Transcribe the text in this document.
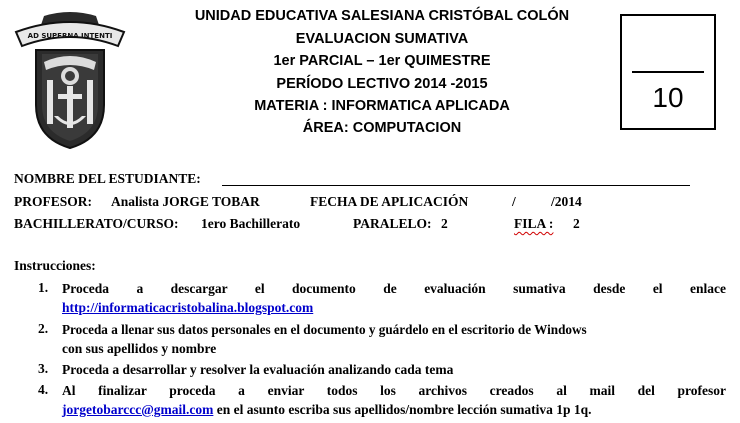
AD SUPERNA INTENTI
UNIDAD EDUCATIVA SALESIANA CRISTÓBAL COLÓN
EVALUACION SUMATIVA
1er PARCIAL – 1er QUIMESTRE
PERÍODO LECTIVO 2014 -2015
MATERIA : INFORMATICA APLICADA
ÁREA: COMPUTACION
10
NOMBRE DEL ESTUDIANTE:
PROFESOR: Analista JORGE TOBAR	FECHA DE APLICACIÓN	/	/2014
BACHILLERATO/CURSO: 1ero Bachillerato	PARALELO: 2	FILA : 2
Instrucciones:
1. Proceda a descargar el documento de evaluación sumativa desde el enlace
http://informaticacristobalina.blogspot.com
2. Proceda a llenar sus datos personales en el documento y guárdelo en el escritorio de Windows
con sus apellidos y nombre
3. Proceda a desarrollar y resolver la evaluación analizando cada tema
4. Al finalizar proceda a enviar todos los archivos creados al mail del profesor
jorgetobarccc@gmail.com en el asunto escriba sus apellidos/nombre lección sumativa 1p 1q.
